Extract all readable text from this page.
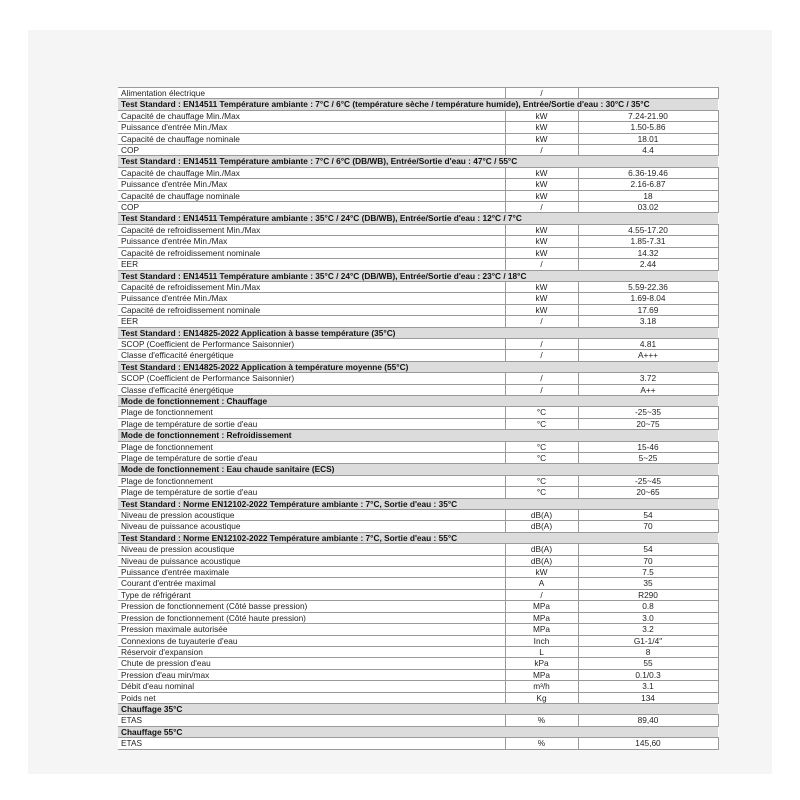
Alimentation électrique	/	
Test Standard : EN14511 Température ambiante : 7°C / 6°C (température sèche / température humide), Entrée/Sortie d'eau : 30°C / 35°C		
Capacité de chauffage Min./Max	kW	7.24-21.90
Puissance d'entrée Min./Max	kW	1.50-5.86
Capacité de chauffage nominale	kW	18.01
COP	/	4.4
Test Standard : EN14511 Température ambiante : 7°C / 6°C (DB/WB), Entrée/Sortie d'eau : 47°C / 55°C		
Capacité de chauffage Min./Max	kW	6.36-19.46
Puissance d'entrée Min./Max	kW	2.16-6.87
Capacité de chauffage nominale	kW	18
COP	/	03.02
Test Standard : EN14511 Température ambiante : 35°C / 24°C (DB/WB), Entrée/Sortie d'eau : 12°C / 7°C		
Capacité de refroidissement Min./Max	kW	4.55-17.20
Puissance d'entrée Min./Max	kW	1.85-7.31
Capacité de refroidissement nominale	kW	14.32
EER	/	2.44
Test Standard : EN14511 Température ambiante : 35°C / 24°C (DB/WB), Entrée/Sortie d'eau : 23°C / 18°C		
Capacité de refroidissement Min./Max	kW	5.59-22.36
Puissance d'entrée Min./Max	kW	1.69-8.04
Capacité de refroidissement nominale	kW	17.69
EER	/	3.18
Test Standard : EN14825-2022 Application à basse température (35°C)		
SCOP (Coefficient de Performance Saisonnier)	/	4.81
Classe d'efficacité énergétique	/	A+++
Test Standard : EN14825-2022 Application à température moyenne (55°C)		
SCOP (Coefficient de Performance Saisonnier)	/	3.72
Classe d'efficacité énergétique	/	A++
Mode de fonctionnement : Chauffage		
Plage de fonctionnement	°C	-25~35
Plage de température de sortie d'eau	°C	20~75
Mode de fonctionnement : Refroidissement		
Plage de fonctionnement	°C	15-46
Plage de température de sortie d'eau	°C	5~25
Mode de fonctionnement : Eau chaude sanitaire (ECS)		
Plage de fonctionnement	°C	-25~45
Plage de température de sortie d'eau	°C	20~65
Test Standard : Norme EN12102-2022 Température ambiante : 7°C, Sortie d'eau : 35°C		
Niveau de pression acoustique	dB(A)	54
Niveau de puissance acoustique	dB(A)	70
Test Standard : Norme EN12102-2022 Température ambiante : 7°C, Sortie d'eau : 55°C		
Niveau de pression acoustique	dB(A)	54
Niveau de puissance acoustique	dB(A)	70
Puissance d'entrée maximale	kW	7.5
Courant d'entrée maximal	A	35
Type de réfrigérant	/	R290
Pression de fonctionnement (Côté basse pression)	MPa	0.8
Pression de fonctionnement (Côté haute pression)	MPa	3.0
Pression maximale autorisée	MPa	3.2
Connexions de tuyauterie d'eau	Inch	G1-1/4"
Réservoir d'expansion	L	8
Chute de pression d'eau	kPa	55
Pression d'eau min/max	MPa	0.1/0.3
Débit d'eau nominal	m³/h	3.1
Poids net	Kg	134
Chauffage 35°C		
ETAS	%	89,40
Chauffage 55°C		
ETAS	%	145,60
